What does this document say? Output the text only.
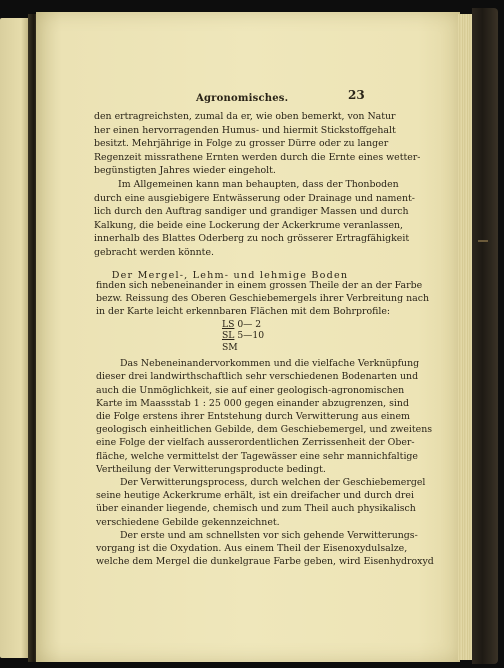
Agronomisches.	23
den ertragreichsten, zumal da er, wie oben bemerkt, von Natur
her einen hervorragenden Humus- und hiermit Stickstoffgehalt
besitzt. Mehrjährige in Folge zu grosser Dürre oder zu langer
Regenzeit missrathene Ernten werden durch die Ernte eines wetter-
begünstigten Jahres wieder eingeholt.
Im Allgemeinen kann man behaupten, dass der Thonboden
durch eine ausgiebigere Entwässerung oder Drainage und nament-
lich durch den Auftrag sandiger und grandiger Massen und durch
Kalkung, die beide eine Lockerung der Ackerkrume veranlassen,
innerhalb des Blattes Oderberg zu noch grösserer Ertragfähigkeit
gebracht werden könnte.
Der Mergel-, Lehm- und lehmige Boden
finden sich nebeneinander in einem grossen Theile der an der Farbe
bezw. Reissung des Oberen Geschiebemergels ihrer Verbreitung nach
in der Karte leicht erkennbaren Flächen mit dem Bohrprofile:
LS 0— 2
SL 5—10
SM
Das Nebeneinandervorkommen und die vielfache Verknüpfung
dieser drei landwirthschaftlich sehr verschiedenen Bodenarten und
auch die Unmöglichkeit, sie auf einer geologisch-agronomischen
Karte im Maassstab 1 : 25 000 gegen einander abzugrenzen, sind
die Folge erstens ihrer Entstehung durch Verwitterung aus einem
geologisch einheitlichen Gebilde, dem Geschiebemergel, und zweitens
eine Folge der vielfach ausserordentlichen Zerrissenheit der Ober-
fläche, welche vermittelst der Tagewässer eine sehr mannichfaltige
Vertheilung der Verwitterungsproducte bedingt.
Der Verwitterungsprocess, durch welchen der Geschiebemergel
seine heutige Ackerkrume erhält, ist ein dreifacher und durch drei
über einander liegende, chemisch und zum Theil auch physikalisch
verschiedene Gebilde gekennzeichnet.
Der erste und am schnellsten vor sich gehende Verwitterungs-
vorgang ist die Oxydation. Aus einem Theil der Eisenoxydulsalze,
welche dem Mergel die dunkelgraue Farbe geben, wird Eisenhydroxyd
